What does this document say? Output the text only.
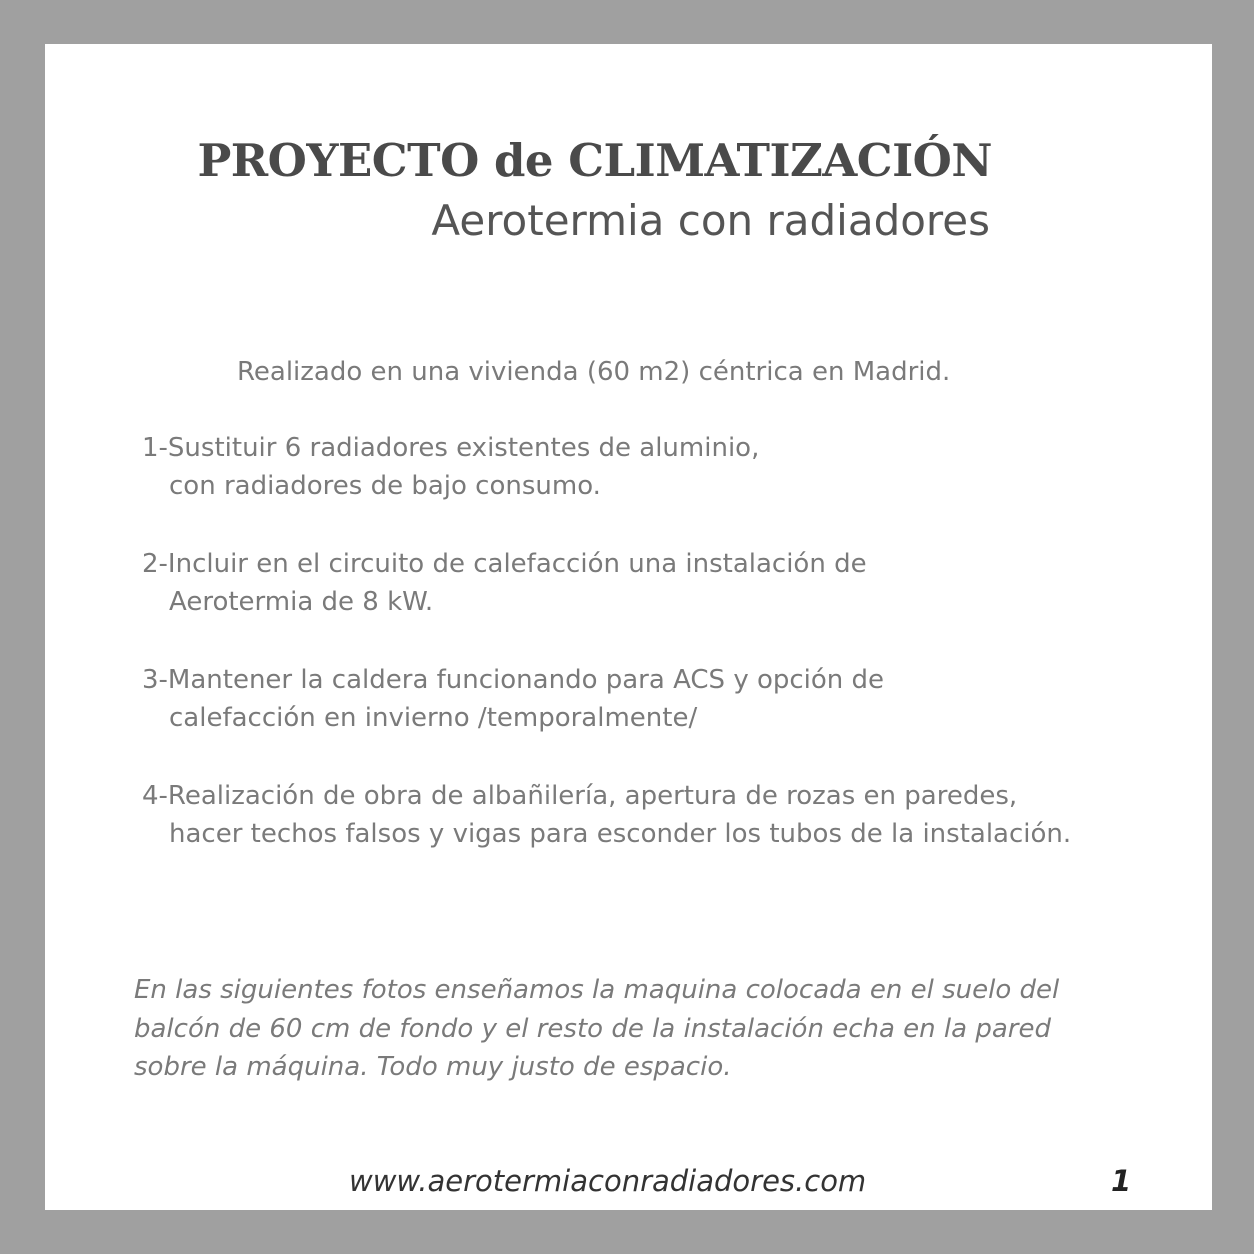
PROYECTO de CLIMATIZACIÓN
Aerotermia con radiadores

Realizado en una vivienda (60 m2) céntrica en Madrid.

1-Sustituir 6 radiadores existentes de aluminio,
con radiadores de bajo consumo.

2-Incluir en el circuito de calefacción una instalación de
Aerotermia de 8 kW.

3-Mantener la caldera funcionando para ACS y opción de
calefacción en invierno /temporalmente/

4-Realización de obra de albañilería, apertura de rozas en paredes,
hacer techos falsos y vigas para esconder los tubos de la instalación.

En las siguientes fotos enseñamos la maquina colocada en el suelo del
balcón de 60 cm de fondo y el resto de la instalación echa en la pared
sobre la máquina. Todo muy justo de espacio.

www.aerotermiaconradiadores.com	1
